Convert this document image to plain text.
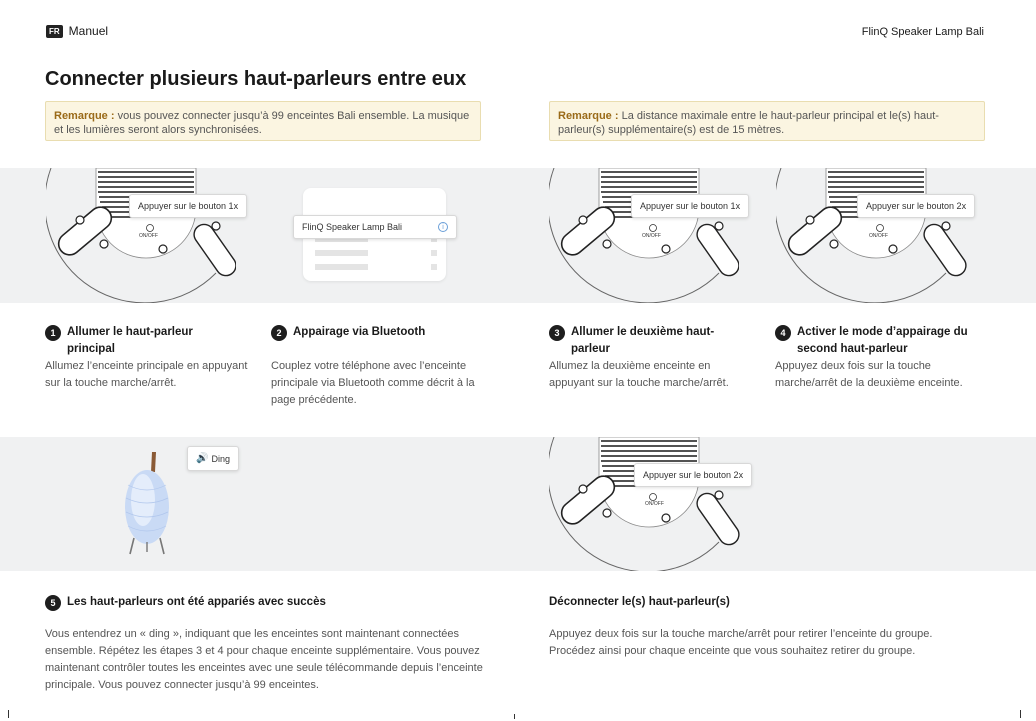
FR Manuel	FlinQ Speaker Lamp Bali
Connecter plusieurs haut-parleurs entre eux
Remarque : vous pouvez connecter jusqu’à 99 enceintes Bali ensemble. La musique et les lumières seront alors synchronisées.
Remarque : La distance maximale entre le haut-parleur principal et le(s) haut-parleur(s) supplémentaire(s) est de 15 mètres.
Appuyer sur le bouton 1x
ON/OFF
FlinQ Speaker Lamp Bali	i
Appuyer sur le bouton 1x
ON/OFF
Appuyer sur le bouton 2x
ON/OFF
1	Allumer le haut-parleur principal
Allumez l’enceinte principale en appuyant sur la touche marche/arrêt.
2	Appairage via Bluetooth
Couplez votre téléphone avec l’enceinte principale via Bluetooth comme décrit à la page précédente.
3	Allumer le deuxième haut-parleur
Allumez la deuxième enceinte en appuyant sur la touche marche/arrêt.
4	Activer le mode d’appairage du second haut-parleur
Appuyez deux fois sur la touche marche/arrêt de la deuxième enceinte.
🔊 Ding
Appuyer sur le bouton 2x
ON/OFF
5	Les haut-parleurs ont été appariés avec succès
Vous entendrez un « ding », indiquant que les enceintes sont maintenant connectées ensemble. Répétez les étapes 3 et 4 pour chaque enceinte supplémentaire. Vous pouvez maintenant contrôler toutes les enceintes avec une seule télécommande depuis l’enceinte principale. Vous pouvez connecter jusqu’à 99 enceintes.
Déconnecter le(s) haut-parleur(s)
Appuyez deux fois sur la touche marche/arrêt pour retirer l’enceinte du groupe. Procédez ainsi pour chaque enceinte que vous souhaitez retirer du groupe.
